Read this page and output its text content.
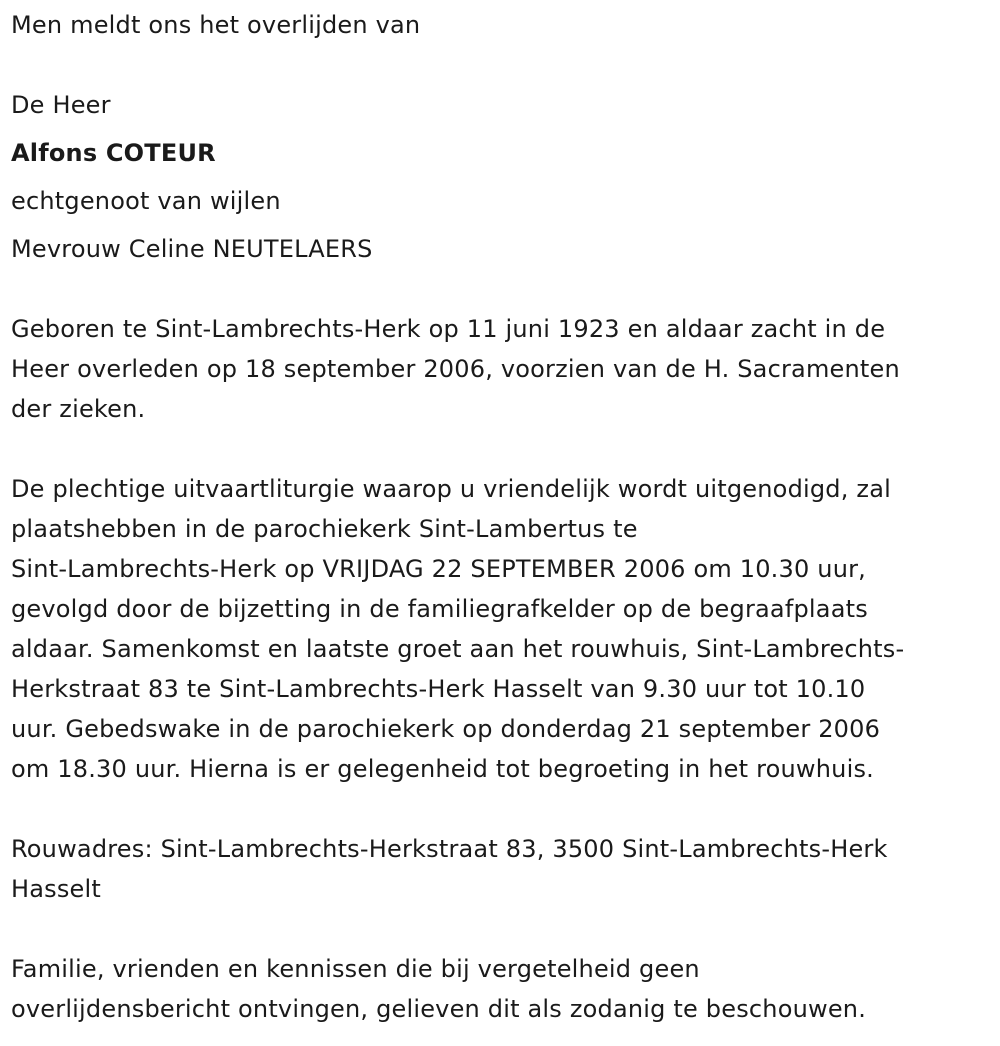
Men meldt ons het overlijden van
De Heer
Alfons COTEUR
echtgenoot van wijlen
Mevrouw Celine NEUTELAERS
Geboren te Sint-Lambrechts-Herk op 11 juni 1923 en aldaar zacht in de
Heer overleden op 18 september 2006, voorzien van de H. Sacramenten
der zieken.
De plechtige uitvaartliturgie waarop u vriendelijk wordt uitgenodigd, zal
plaatshebben in de parochiekerk Sint-Lambertus te
Sint-Lambrechts-Herk op VRIJDAG 22 SEPTEMBER 2006 om 10.30 uur,
gevolgd door de bijzetting in de familiegrafkelder op de begraafplaats
aldaar. Samenkomst en laatste groet aan het rouwhuis, Sint-Lambrechts-
Herkstraat 83 te Sint-Lambrechts-Herk Hasselt van 9.30 uur tot 10.10
uur. Gebedswake in de parochiekerk op donderdag 21 september 2006
om 18.30 uur. Hierna is er gelegenheid tot begroeting in het rouwhuis.
Rouwadres: Sint-Lambrechts-Herkstraat 83, 3500 Sint-Lambrechts-Herk
Hasselt
Familie, vrienden en kennissen die bij vergetelheid geen
overlijdensbericht ontvingen, gelieven dit als zodanig te beschouwen.
